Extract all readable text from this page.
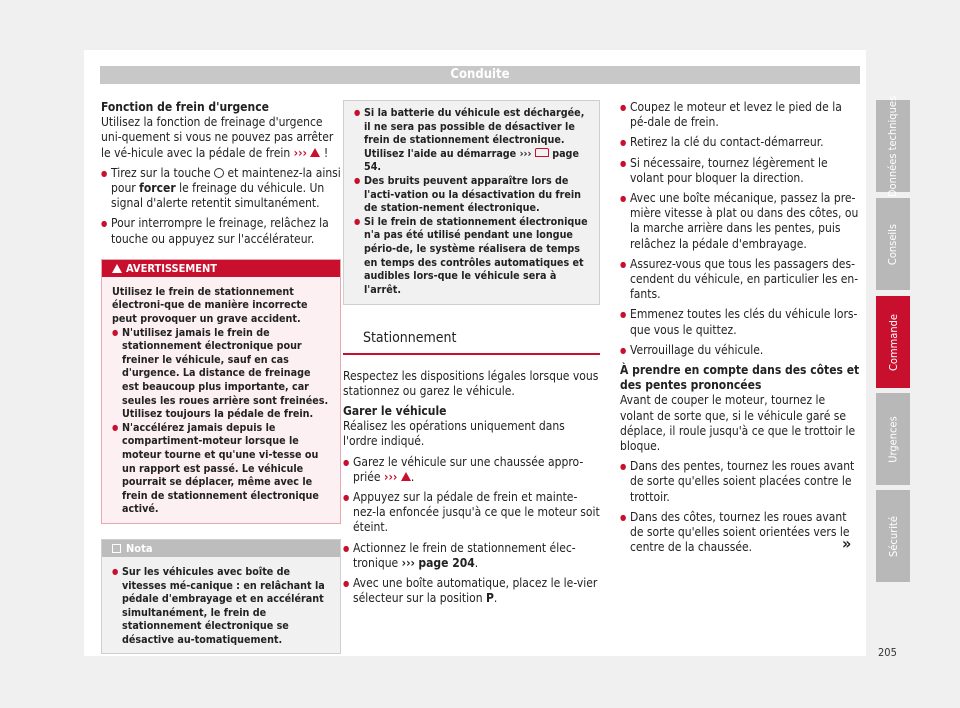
Conduite

Fonction de frein d'urgence

Utilisez la fonction de freinage d'urgence uni-quement si vous ne pouvez pas arrêter le vé-hicule avec la pédale de frein ›››  !

● Tirez sur la touche  et maintenez-la ainsi pour forcer le freinage du véhicule. Un signal d'alerte retentit simultanément.

● Pour interrompre le freinage, relâchez la touche ou appuyez sur l'accélérateur.

AVERTISSEMENT

Utilisez le frein de stationnement électroni-que de manière incorrecte peut provoquer un grave accident.

● N'utilisez jamais le frein de stationnement électronique pour freiner le véhicule, sauf en cas d'urgence. La distance de freinage est beaucoup plus importante, car seules les roues arrière sont freinées. Utilisez toujours la pédale de frein.

● N'accélérez jamais depuis le compartiment-moteur lorsque le moteur tourne et qu'une vi-tesse ou un rapport est passé. Le véhicule pourrait se déplacer, même avec le frein de stationnement électronique activé.

Nota

● Sur les véhicules avec boîte de vitesses mé-canique : en relâchant la pédale d'embrayage et en accélérant simultanément, le frein de stationnement électronique se désactive au-tomatiquement.

● Si la batterie du véhicule est déchargée, il ne sera pas possible de désactiver le frein de stationnement électronique. Utilisez l'aide au démarrage ››› page 54.

● Des bruits peuvent apparaître lors de l'acti-vation ou la désactivation du frein de station-nement électronique.

● Si le frein de stationnement électronique n'a pas été utilisé pendant une longue pério-de, le système réalisera de temps en temps des contrôles automatiques et audibles lors-que le véhicule sera à l'arrêt.

Stationnement

Respectez les dispositions légales lorsque vous stationnez ou garez le véhicule.

Garer le véhicule

Réalisez les opérations uniquement dans l'ordre indiqué.

● Garez le véhicule sur une chaussée appro-priée ››› .

● Appuyez sur la pédale de frein et mainte-nez-la enfoncée jusqu'à ce que le moteur soit éteint.

● Actionnez le frein de stationnement élec-tronique ››› page 204.

● Avec une boîte automatique, placez le le-vier sélecteur sur la position P.

● Coupez le moteur et levez le pied de la pé-dale de frein.

● Retirez la clé du contact-démarreur.

● Si nécessaire, tournez légèrement le volant pour bloquer la direction.

● Avec une boîte mécanique, passez la pre-mière vitesse à plat ou dans des côtes, ou la marche arrière dans les pentes, puis relâchez la pédale d'embrayage.

● Assurez-vous que tous les passagers des-cendent du véhicule, en particulier les en-fants.

● Emmenez toutes les clés du véhicule lors-que vous le quittez.

● Verrouillage du véhicule.

À prendre en compte dans des côtes et des pentes prononcées

Avant de couper le moteur, tournez le volant de sorte que, si le véhicule garé se déplace, il roule jusqu'à ce que le trottoir le bloque.

● Dans des pentes, tournez les roues avant de sorte qu'elles soient placées contre le trottoir.

● Dans des côtes, tournez les roues avant de sorte qu'elles soient orientées vers le centre de la chaussée.	»
Données techniques
Conseils
Commande
Urgences
Sécurité
205
